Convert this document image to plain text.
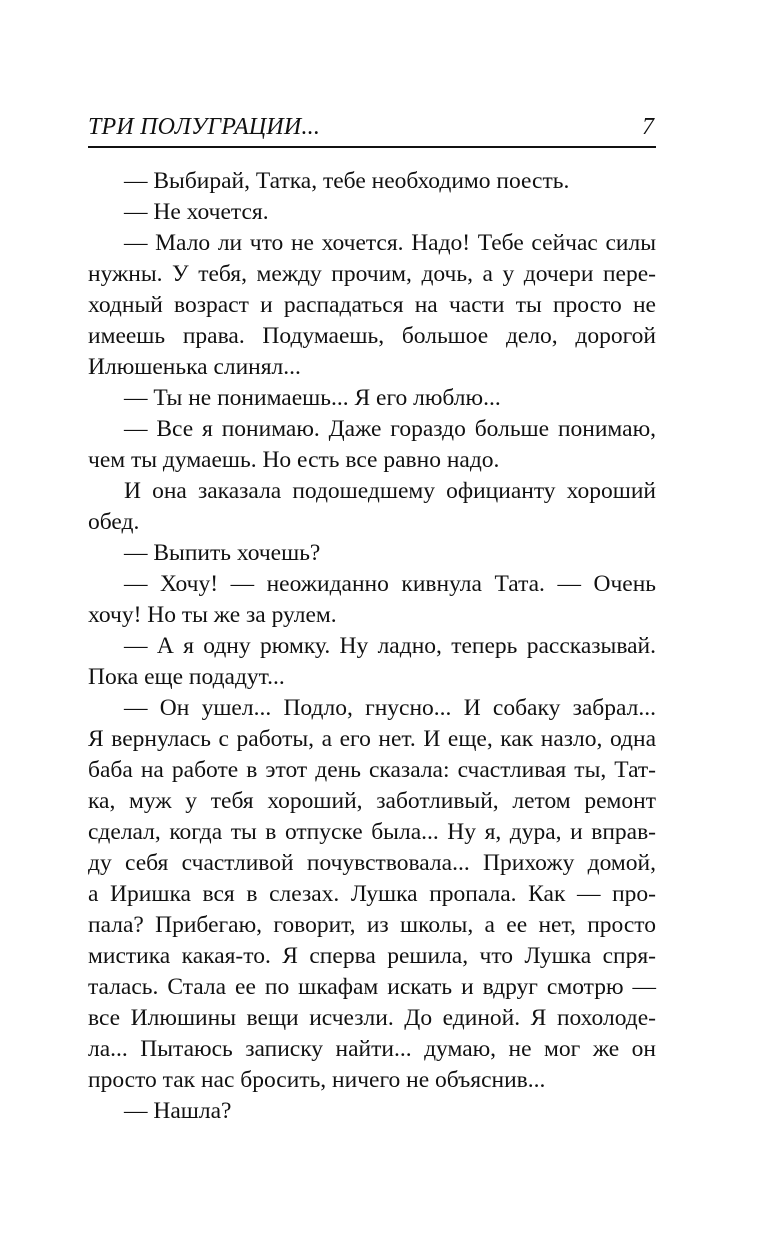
ТРИ ПОЛУГРАЦИИ...	7
— Выбирай, Татка, тебе необходимо поесть.
— Не хочется.
— Мало ли что не хочется. Надо! Тебе сейчас силы
нужны. У тебя, между прочим, дочь, а у дочери пере-
ходный возраст и распадаться на части ты просто не
имеешь права. Подумаешь, большое дело, дорогой
Илюшенька слинял...
— Ты не понимаешь... Я его люблю...
— Все я понимаю. Даже гораздо больше понимаю,
чем ты думаешь. Но есть все равно надо.
И она заказала подошедшему официанту хороший
обед.
— Выпить хочешь?
— Хочу! — неожиданно кивнула Тата. — Очень
хочу! Но ты же за рулем.
— А я одну рюмку. Ну ладно, теперь рассказывай.
Пока еще подадут...
— Он ушел... Подло, гнусно... И собаку забрал...
Я вернулась с работы, а его нет. И еще, как назло, одна
баба на работе в этот день сказала: счастливая ты, Тат-
ка, муж у тебя хороший, заботливый, летом ремонт
сделал, когда ты в отпуске была... Ну я, дура, и вправ-
ду себя счастливой почувствовала... Прихожу домой,
а Иришка вся в слезах. Лушка пропала. Как — про-
пала? Прибегаю, говорит, из школы, а ее нет, просто
мистика какая-то. Я сперва решила, что Лушка спря-
талась. Стала ее по шкафам искать и вдруг смотрю —
все Илюшины вещи исчезли. До единой. Я похолоде-
ла... Пытаюсь записку найти... думаю, не мог же он
просто так нас бросить, ничего не объяснив...
— Нашла?
